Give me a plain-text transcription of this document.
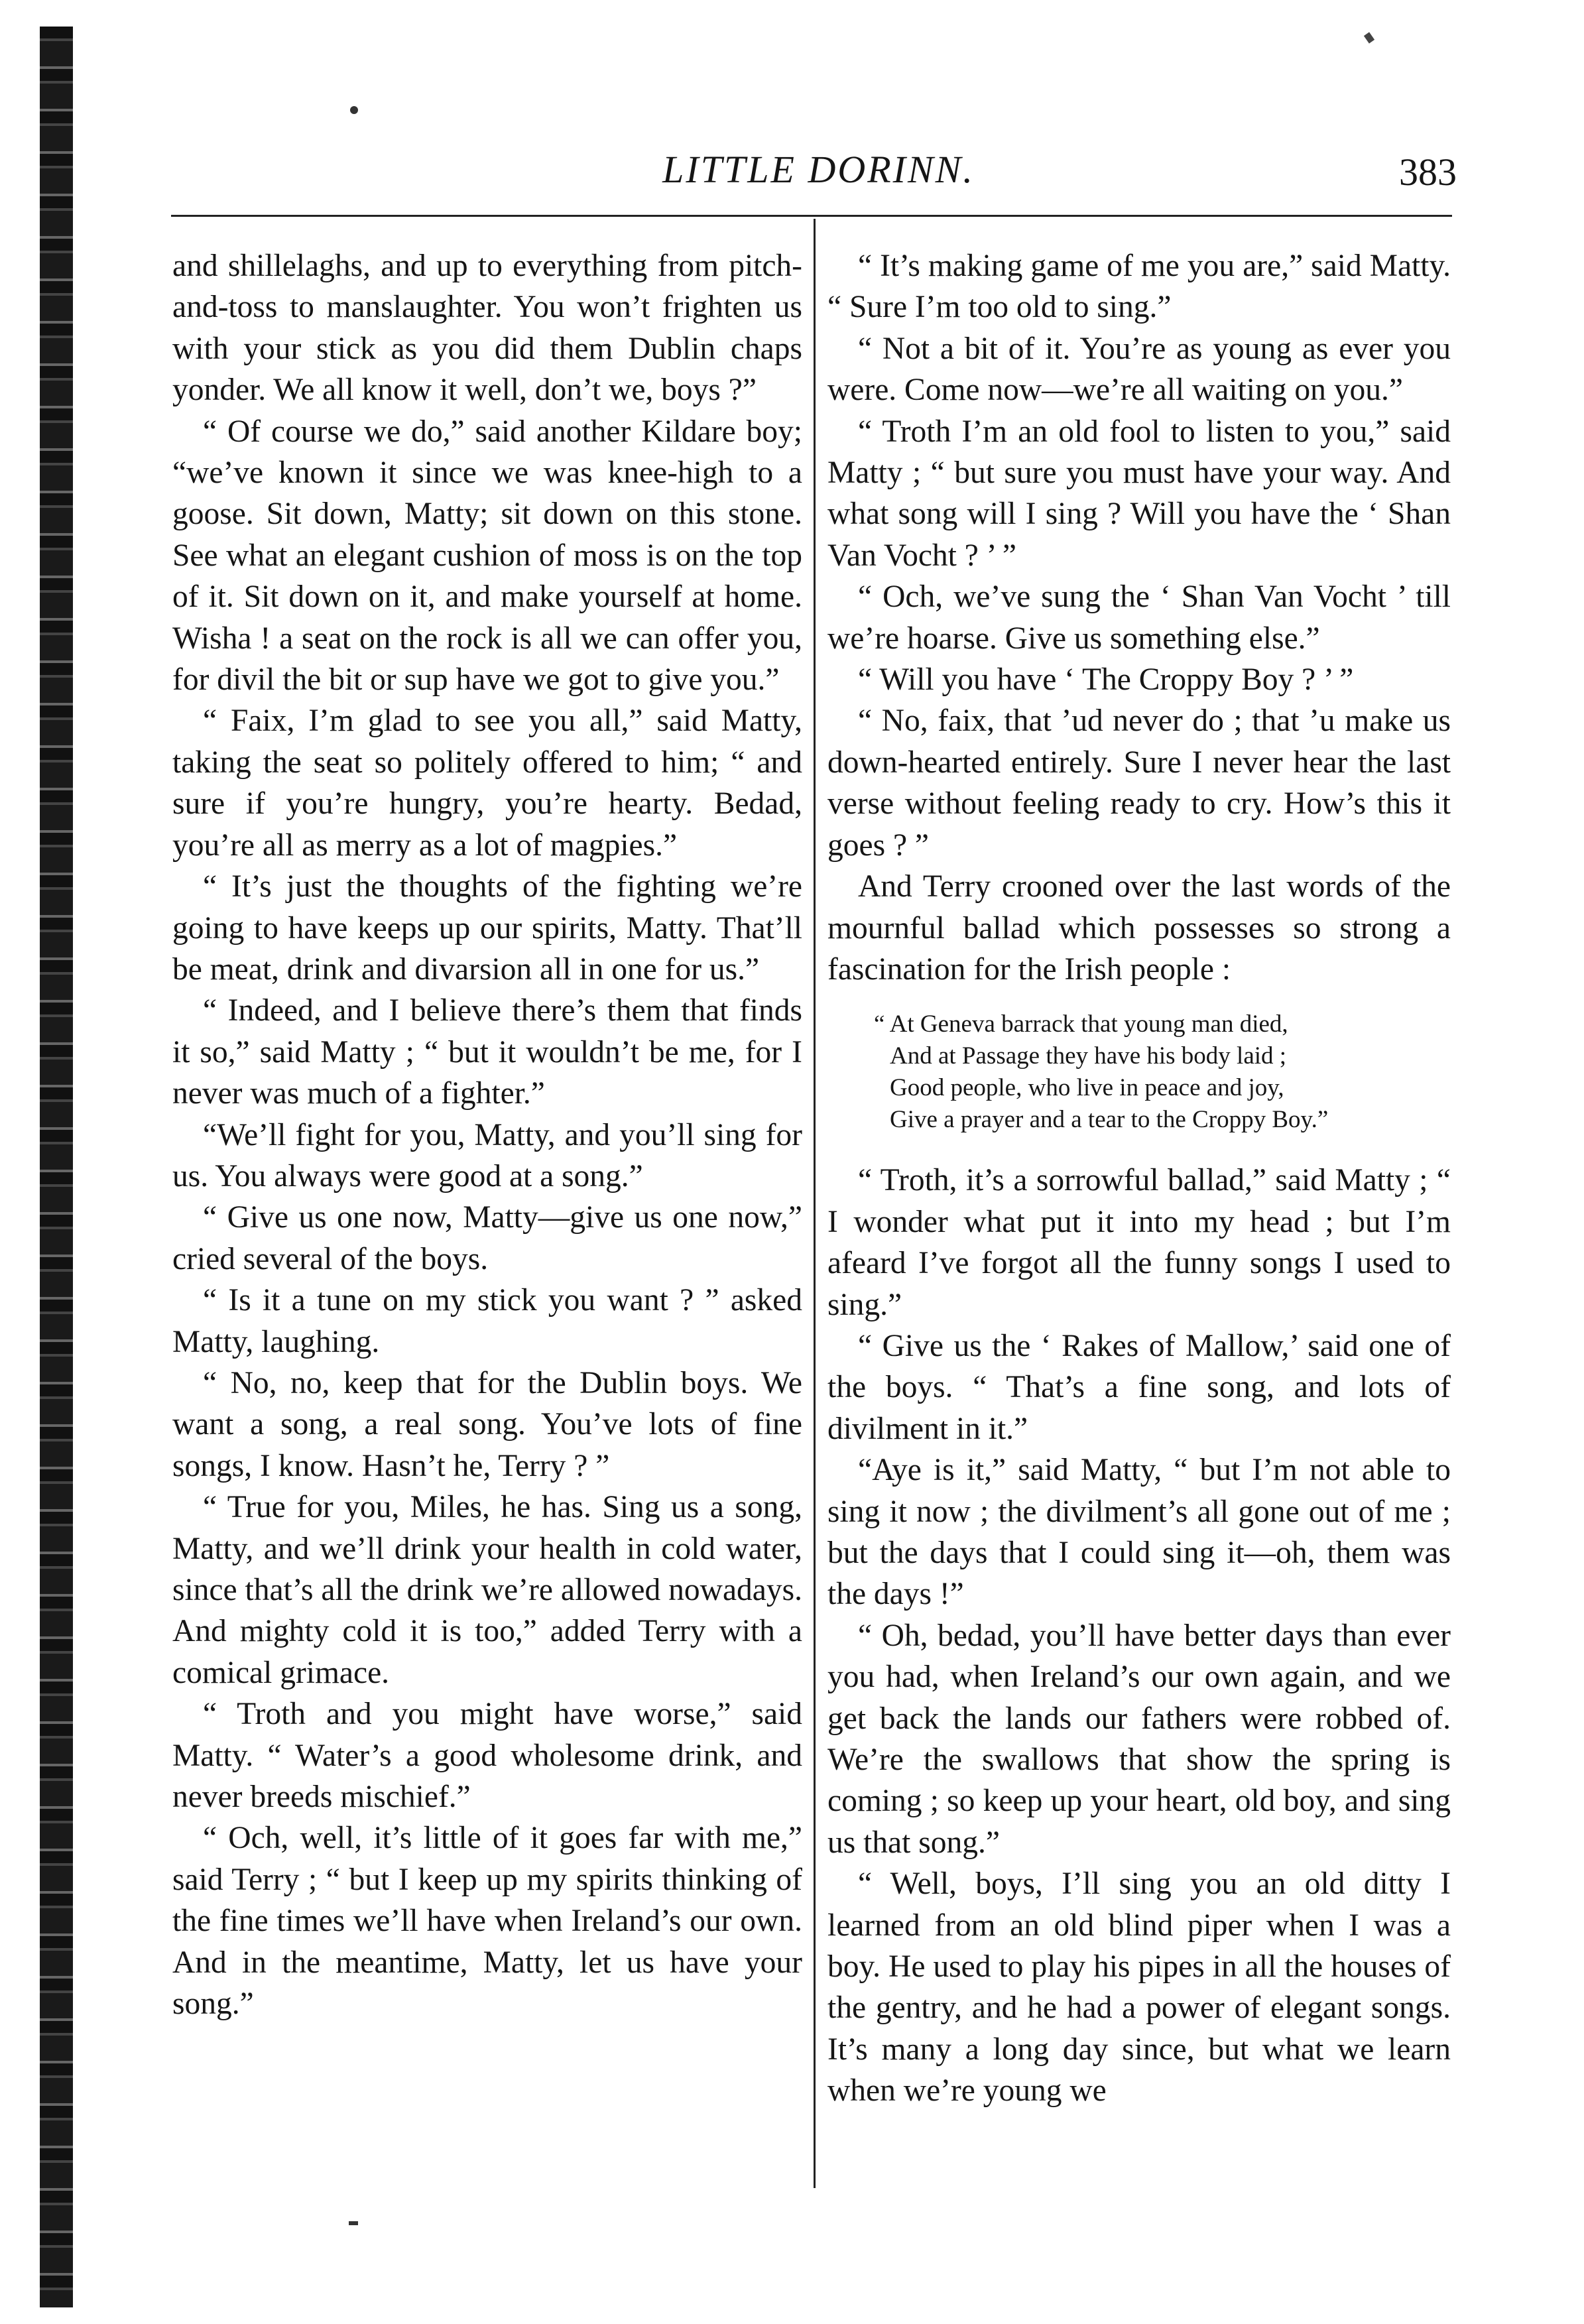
LITTLE DORINN.	383

and shillelaghs, and up to everything from pitch-and-toss to manslaughter. You won’t frighten us with your stick as you did them Dublin chaps yonder. We all know it well, don’t we, boys ?”

“ Of course we do,” said another Kildare boy; “we’ve known it since we was knee-high to a goose. Sit down, Matty; sit down on this stone. See what an elegant cushion of moss is on the top of it. Sit down on it, and make yourself at home. Wisha ! a seat on the rock is all we can offer you, for divil the bit or sup have we got to give you.”

“ Faix, I’m glad to see you all,” said Matty, taking the seat so politely offered to him; “ and sure if you’re hungry, you’re hearty. Bedad, you’re all as merry as a lot of magpies.”

“ It’s just the thoughts of the fighting we’re going to have keeps up our spirits, Matty. That’ll be meat, drink and divarsion all in one for us.”

“ Indeed, and I believe there’s them that finds it so,” said Matty ; “ but it wouldn’t be me, for I never was much of a fighter.”

“We’ll fight for you, Matty, and you’ll sing for us. You always were good at a song.”

“ Give us one now, Matty—give us one now,” cried several of the boys.

“ Is it a tune on my stick you want ? ” asked Matty, laughing.

“ No, no, keep that for the Dublin boys. We want a song, a real song. You’ve lots of fine songs, I know. Hasn’t he, Terry ? ”

“ True for you, Miles, he has. Sing us a song, Matty, and we’ll drink your health in cold water, since that’s all the drink we’re allowed nowadays. And mighty cold it is too,” added Terry with a comical grimace.

“ Troth and you might have worse,” said Matty. “ Water’s a good wholesome drink, and never breeds mischief.”

“ Och, well, it’s little of it goes far with me,” said Terry ; “ but I keep up my spirits thinking of the fine times we’ll have when Ireland’s our own. And in the meantime, Matty, let us have your song.”

“ It’s making game of me you are,” said Matty. “ Sure I’m too old to sing.”

“ Not a bit of it. You’re as young as ever you were. Come now—we’re all waiting on you.”

“ Troth I’m an old fool to listen to you,” said Matty ; “ but sure you must have your way. And what song will I sing ? Will you have the ‘ Shan Van Vocht ? ’ ”

“ Och, we’ve sung the ‘ Shan Van Vocht ’ till we’re hoarse. Give us something else.”

“ Will you have ‘ The Croppy Boy ? ’ ”

“ No, faix, that ’ud never do ; that ’u make us down-hearted entirely. Sure I never hear the last verse without feeling ready to cry. How’s this it goes ? ”

And Terry crooned over the last words of the mournful ballad which possesses so strong a fascination for the Irish people :

“ At Geneva barrack that young man died,
And at Passage they have his body laid ;
Good people, who live in peace and joy,
Give a prayer and a tear to the Croppy Boy.”

“ Troth, it’s a sorrowful ballad,” said Matty ; “ I wonder what put it into my head ; but I’m afeard I’ve forgot all the funny songs I used to sing.”

“ Give us the ‘ Rakes of Mallow,’ said one of the boys. “ That’s a fine song, and lots of divilment in it.”

“Aye is it,” said Matty, “ but I’m not able to sing it now ; the divilment’s all gone out of me ; but the days that I could sing it—oh, them was the days !”

“ Oh, bedad, you’ll have better days than ever you had, when Ireland’s our own again, and we get back the lands our fathers were robbed of. We’re the swallows that show the spring is coming ; so keep up your heart, old boy, and sing us that song.”

“ Well, boys, I’ll sing you an old ditty I learned from an old blind piper when I was a boy. He used to play his pipes in all the houses of the gentry, and he had a power of elegant songs. It’s many a long day since, but what we learn when we’re young we
